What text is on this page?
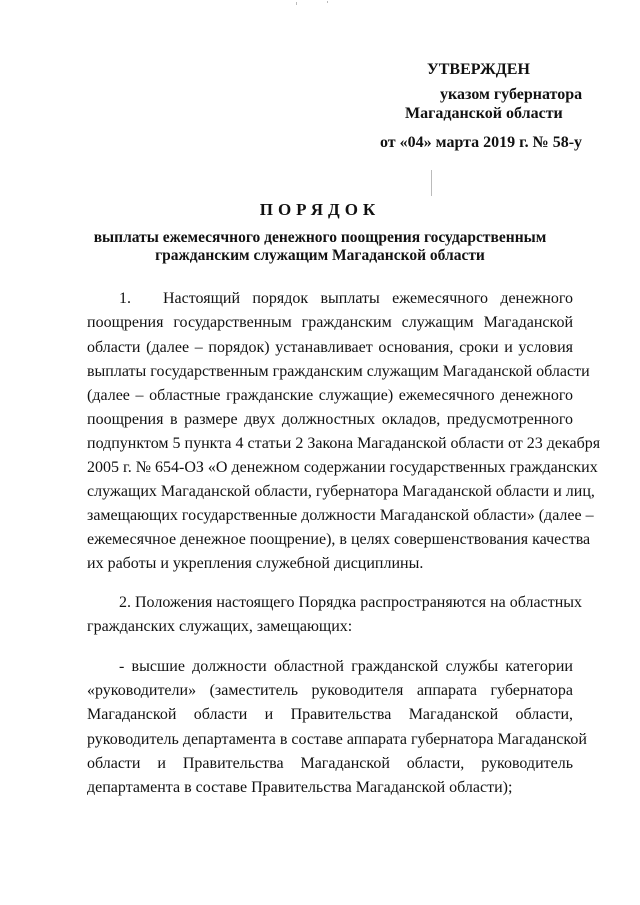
УТВЕРЖДЕН
указом губернатора
Магаданской области
от «04» марта 2019 г. № 58-у
ПОРЯДОК
выплаты ежемесячного денежного поощрения государственным
гражданским служащим Магаданской области
1. Настоящий порядок выплаты ежемесячного денежного
поощрения государственным гражданским служащим Магаданской
области (далее – порядок) устанавливает основания, сроки и условия
выплаты государственным гражданским служащим Магаданской области
(далее – областные гражданские служащие) ежемесячного денежного
поощрения в размере двух должностных окладов, предусмотренного
подпунктом 5 пункта 4 статьи 2 Закона Магаданской области от 23 декабря
2005 г. № 654-ОЗ «О денежном содержании государственных гражданских
служащих Магаданской области, губернатора Магаданской области и лиц,
замещающих государственные должности Магаданской области» (далее –
ежемесячное денежное поощрение), в целях совершенствования качества
их работы и укрепления служебной дисциплины.
2. Положения настоящего Порядка распространяются на областных
гражданских служащих, замещающих:
- высшие должности областной гражданской службы категории
«руководители» (заместитель руководителя аппарата губернатора
Магаданской области и Правительства Магаданской области,
руководитель департамента в составе аппарата губернатора Магаданской
области и Правительства Магаданской области, руководитель
департамента в составе Правительства Магаданской области);
